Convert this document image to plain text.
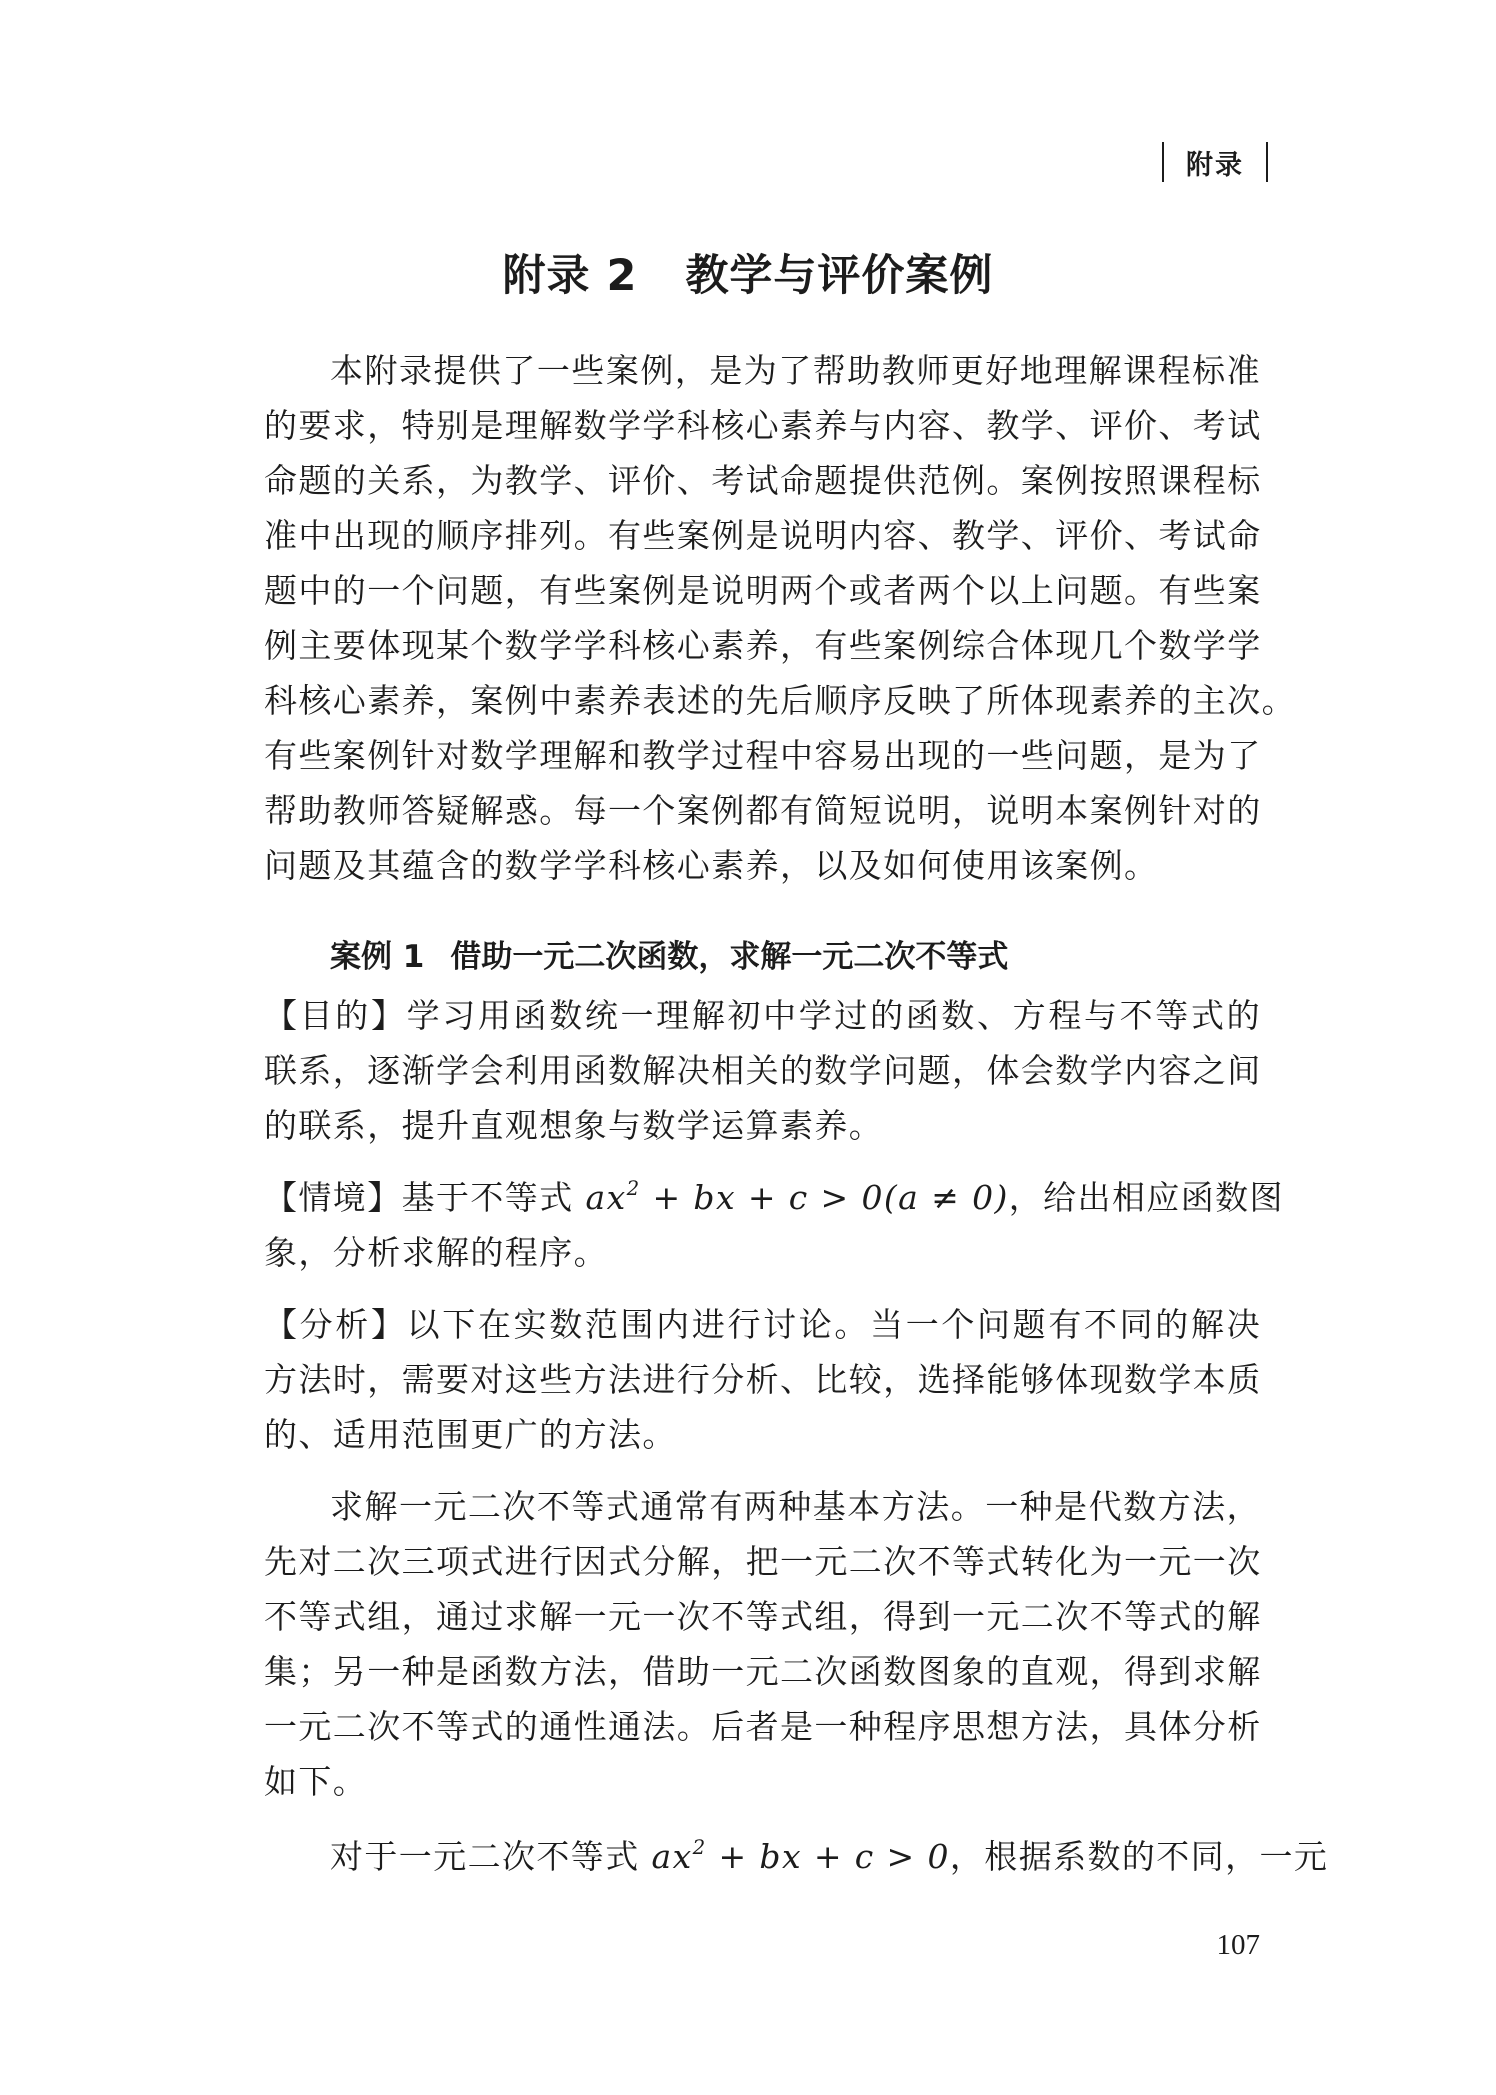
附录
附录 2 教学与评价案例
本附录提供了一些案例，是为了帮助教师更好地理解课程标准
的要求，特别是理解数学学科核心素养与内容、教学、评价、考试
命题的关系，为教学、评价、考试命题提供范例。案例按照课程标
准中出现的顺序排列。有些案例是说明内容、教学、评价、考试命
题中的一个问题，有些案例是说明两个或者两个以上问题。有些案
例主要体现某个数学学科核心素养，有些案例综合体现几个数学学
科核心素养，案例中素养表述的先后顺序反映了所体现素养的主次。
有些案例针对数学理解和教学过程中容易出现的一些问题，是为了
帮助教师答疑解惑。每一个案例都有简短说明，说明本案例针对的
问题及其蕴含的数学学科核心素养，以及如何使用该案例。
案例 1 借助一元二次函数，求解一元二次不等式
【目的】学习用函数统一理解初中学过的函数、方程与不等式的
联系，逐渐学会利用函数解决相关的数学问题，体会数学内容之间
的联系，提升直观想象与数学运算素养。
【情境】基于不等式 $ax^2$ + bx + c > 0(a ≠ 0)，给出相应函数图
象，分析求解的程序。
【分析】以下在实数范围内进行讨论。当一个问题有不同的解决
方法时，需要对这些方法进行分析、比较，选择能够体现数学本质
的、适用范围更广的方法。
求解一元二次不等式通常有两种基本方法。一种是代数方法，
先对二次三项式进行因式分解，把一元二次不等式转化为一元一次
不等式组，通过求解一元一次不等式组，得到一元二次不等式的解
集；另一种是函数方法，借助一元二次函数图象的直观，得到求解
一元二次不等式的通性通法。后者是一种程序思想方法，具体分析
如下。
对于一元二次不等式 $ax^2$ + bx + c > 0，根据系数的不同，一元
107
